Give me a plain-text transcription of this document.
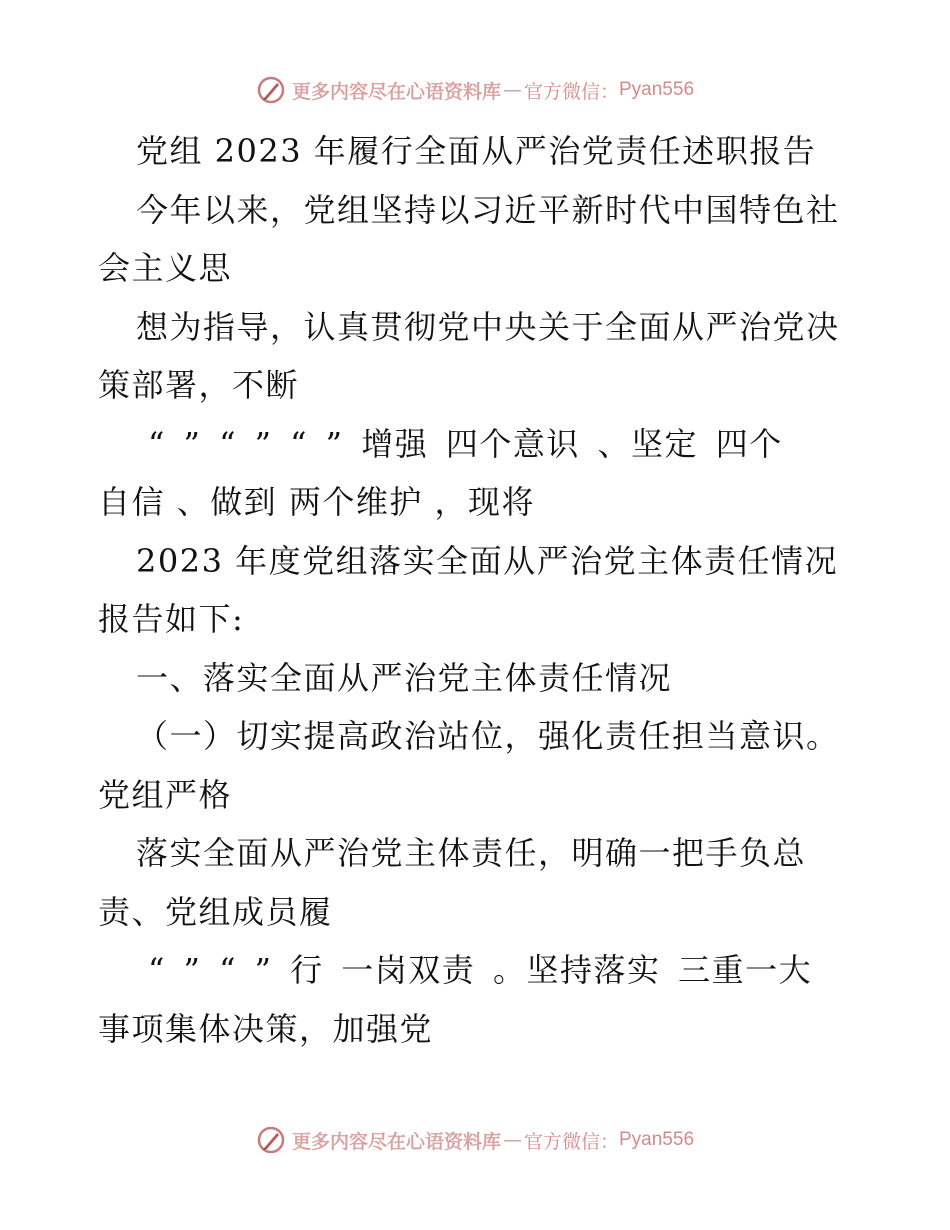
更多内容尽在心语资料库 — 官方微信： Pyan556
党组 2023 年履行全面从严治党责任述职报告
今年以来，党组坚持以习近平新时代中国特色社
会主义思
想为指导，认真贯彻党中央关于全面从严治党决
策部署，不断
“ ” “ ” “ ” 增强 四个意识 、坚定 四个
自信 、做到 两个维护 ，现将
2023 年度党组落实全面从严治党主体责任情况
报告如下:
一、落实全面从严治党主体责任情况
（一）切实提高政治站位，强化责任担当意识。
党组严格
落实全面从严治党主体责任，明确一把手负总
责、党组成员履
“ ” “ ” 行 一岗双责 。坚持落实 三重一大
事项集体决策，加强党
更多内容尽在心语资料库 — 官方微信： Pyan556
